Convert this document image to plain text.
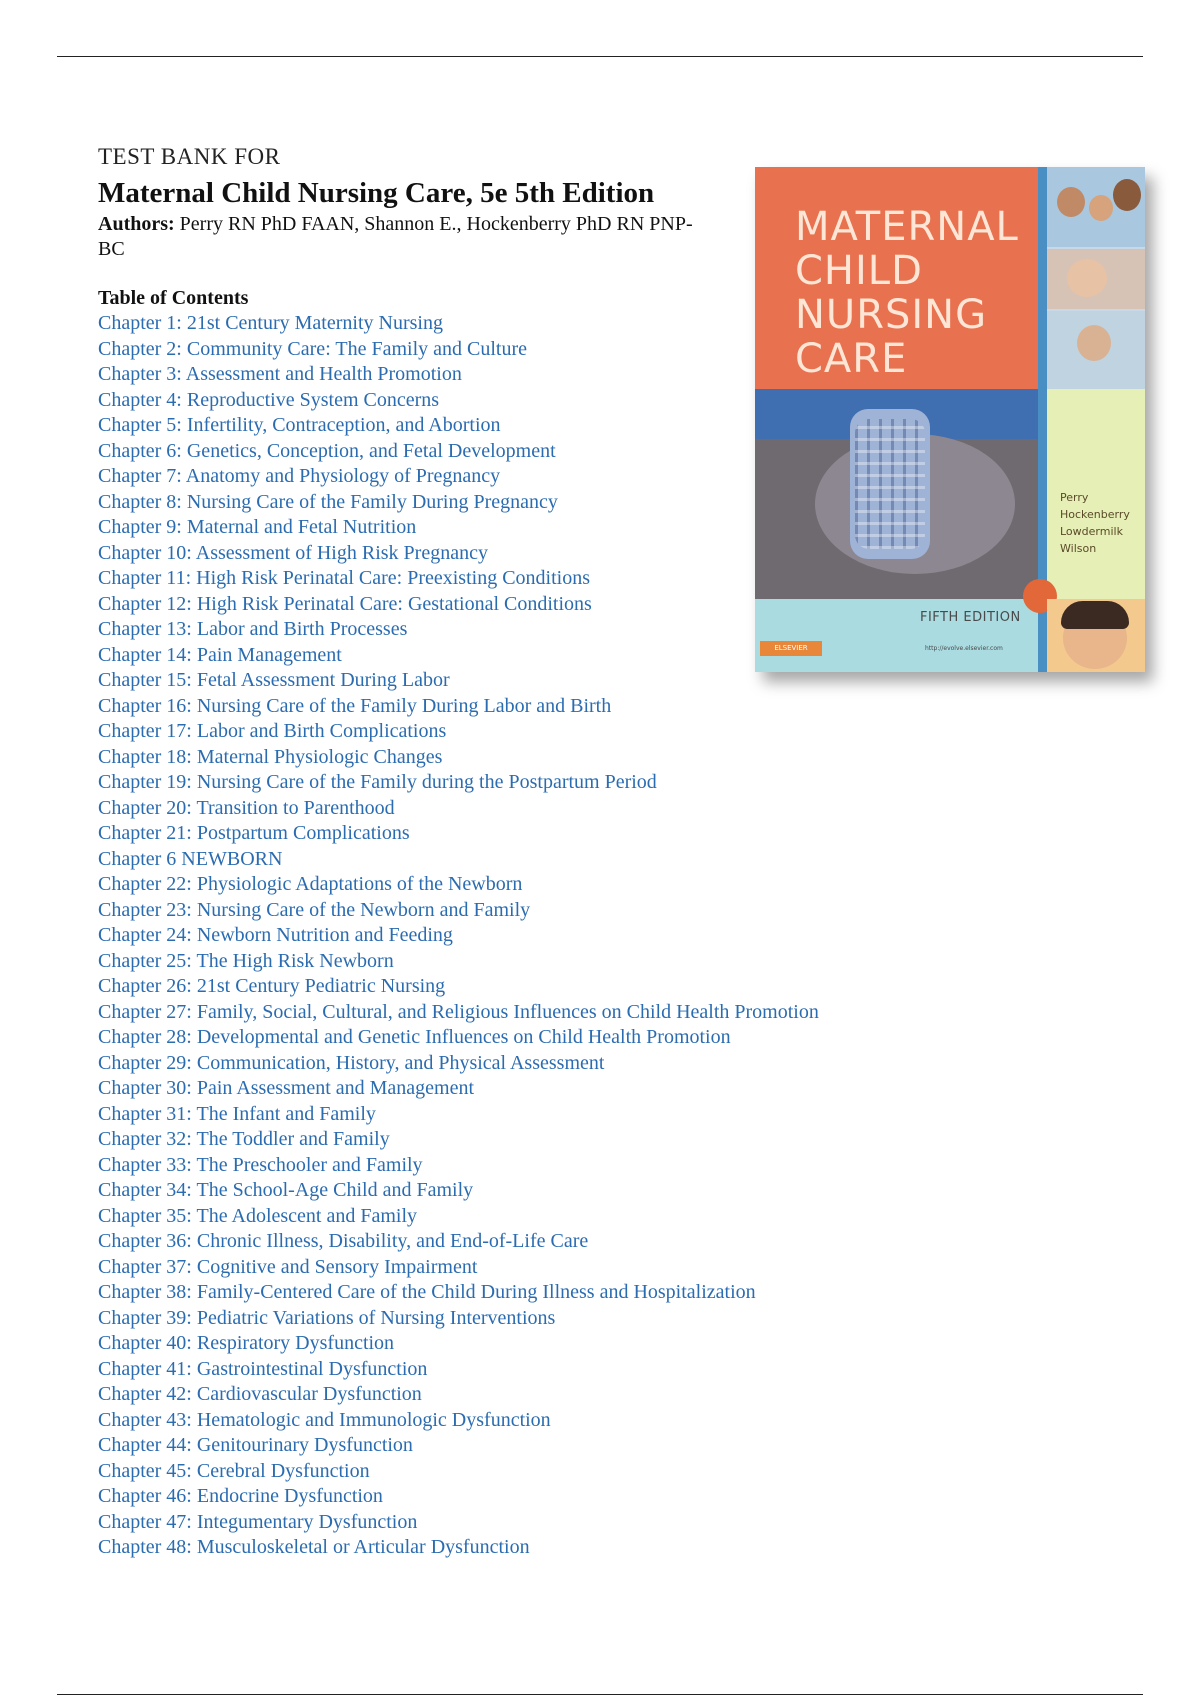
TEST BANK FOR
Maternal Child Nursing Care, 5e 5th Edition
Authors: Perry RN PhD FAAN, Shannon E., Hockenberry PhD RN PNP-BC
Table of Contents
Chapter 1: 21st Century Maternity Nursing
Chapter 2: Community Care: The Family and Culture
Chapter 3: Assessment and Health Promotion
Chapter 4: Reproductive System Concerns
Chapter 5: Infertility, Contraception, and Abortion
Chapter 6: Genetics, Conception, and Fetal Development
Chapter 7: Anatomy and Physiology of Pregnancy
Chapter 8: Nursing Care of the Family During Pregnancy
Chapter 9: Maternal and Fetal Nutrition
Chapter 10: Assessment of High Risk Pregnancy
Chapter 11: High Risk Perinatal Care: Preexisting Conditions
Chapter 12: High Risk Perinatal Care: Gestational Conditions
Chapter 13: Labor and Birth Processes
Chapter 14: Pain Management
Chapter 15: Fetal Assessment During Labor
Chapter 16: Nursing Care of the Family During Labor and Birth
Chapter 17: Labor and Birth Complications
Chapter 18: Maternal Physiologic Changes
Chapter 19: Nursing Care of the Family during the Postpartum Period
Chapter 20: Transition to Parenthood
Chapter 21: Postpartum Complications
Chapter 6 NEWBORN
Chapter 22: Physiologic Adaptations of the Newborn
Chapter 23: Nursing Care of the Newborn and Family
Chapter 24: Newborn Nutrition and Feeding
Chapter 25: The High Risk Newborn
Chapter 26: 21st Century Pediatric Nursing
Chapter 27: Family, Social, Cultural, and Religious Influences on Child Health Promotion
Chapter 28: Developmental and Genetic Influences on Child Health Promotion
Chapter 29: Communication, History, and Physical Assessment
Chapter 30: Pain Assessment and Management
Chapter 31: The Infant and Family
Chapter 32: The Toddler and Family
Chapter 33: The Preschooler and Family
Chapter 34: The School-Age Child and Family
Chapter 35: The Adolescent and Family
Chapter 36: Chronic Illness, Disability, and End-of-Life Care
Chapter 37: Cognitive and Sensory Impairment
Chapter 38: Family-Centered Care of the Child During Illness and Hospitalization
Chapter 39: Pediatric Variations of Nursing Interventions
Chapter 40: Respiratory Dysfunction
Chapter 41: Gastrointestinal Dysfunction
Chapter 42: Cardiovascular Dysfunction
Chapter 43: Hematologic and Immunologic Dysfunction
Chapter 44: Genitourinary Dysfunction
Chapter 45: Cerebral Dysfunction
Chapter 46: Endocrine Dysfunction
Chapter 47: Integumentary Dysfunction
Chapter 48: Musculoskeletal or Articular Dysfunction
MATERNAL
CHILD
NURSING
CARE
Perry
Hockenberry
Lowdermilk
Wilson
FIFTH EDITION
http://evolve.elsevier.com
ELSEVIER
